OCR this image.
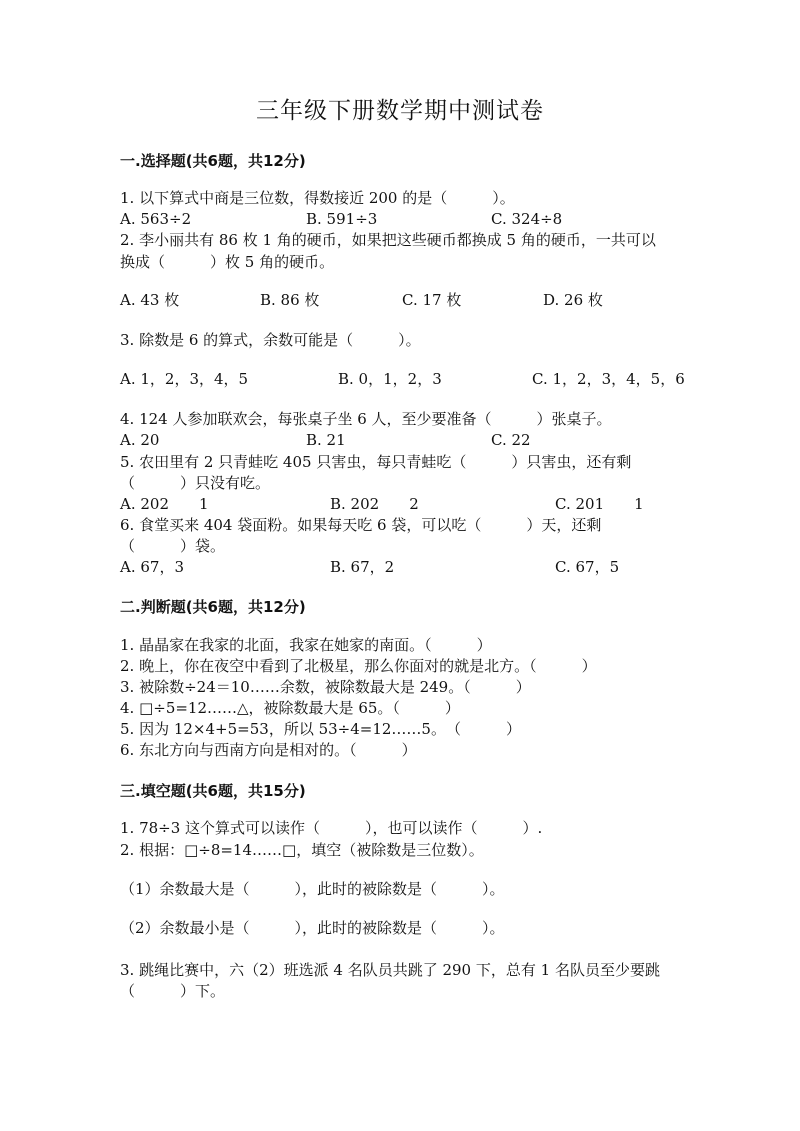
三年级下册数学期中测试卷
一.选择题(共6题，共12分)
1. 以下算式中商是三位数，得数接近 200 的是（　　　）。
A. 563÷2	B. 591÷3	C. 324÷8
2. 李小丽共有 86 枚 1 角的硬币，如果把这些硬币都换成 5 角的硬币，一共可以
换成（　　　）枚 5 角的硬币。
A. 43 枚	B. 86 枚	C. 17 枚	D. 26 枚
3. 除数是 6 的算式，余数可能是（　　　）。
A. 1，2，3，4，5	B. 0，1，2，3	C. 1，2，3，4，5，6
4. 124 人参加联欢会，每张桌子坐 6 人，至少要准备（　　　）张桌子。
A. 20	B. 21	C. 22
5. 农田里有 2 只青蛙吃 405 只害虫，每只青蛙吃（　　　）只害虫，还有剩
（　　　）只没有吃。
A. 202　　1	B. 202　　2	C. 201　　1
6. 食堂买来 404 袋面粉。如果每天吃 6 袋，可以吃（　　　）天，还剩
（　　　）袋。
A. 67，3	B. 67，2	C. 67，5
二.判断题(共6题，共12分)
1. 晶晶家在我家的北面，我家在她家的南面。（　　　）
2. 晚上，你在夜空中看到了北极星，那么你面对的就是北方。（　　　）
3. 被除数÷24＝10……余数，被除数最大是 249。（　　　）
4. □÷5=12……△，被除数最大是 65。（　　　）
5. 因为 12×4+5=53，所以 53÷4=12……5。　（　　　）
6. 东北方向与西南方向是相对的。（　　　）
三.填空题(共6题，共15分)
1. 78÷3 这个算式可以读作（　　　），也可以读作（　　　）.
2. 根据：□÷8=14……□，填空（被除数是三位数）。
（1）余数最大是（　　　），此时的被除数是（　　　）。
（2）余数最小是（　　　），此时的被除数是（　　　）。
3. 跳绳比赛中，六（2）班选派 4 名队员共跳了 290 下，总有 1 名队员至少要跳
（　　　）下。
